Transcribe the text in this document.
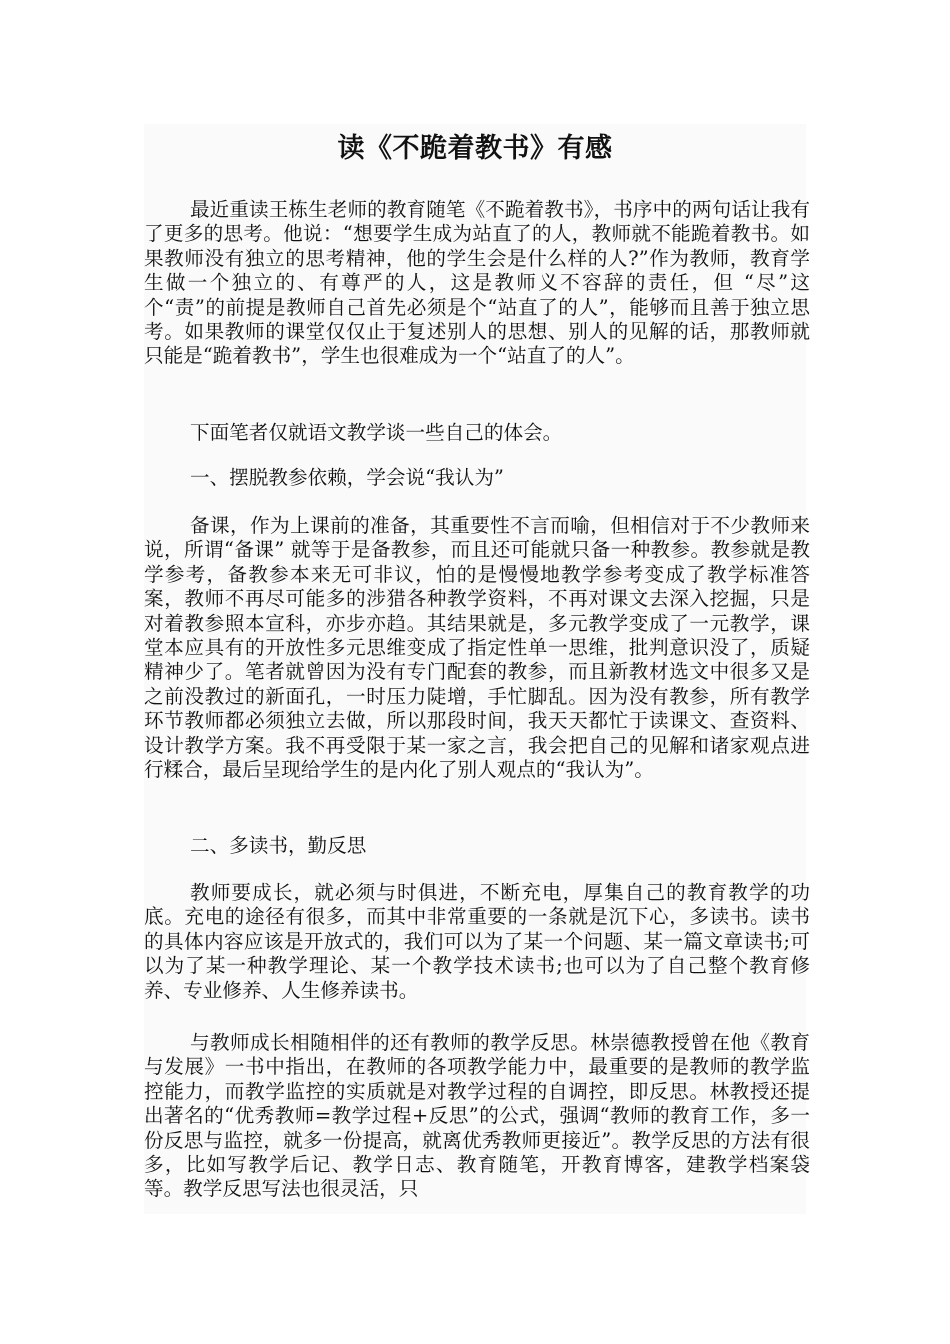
读《不跪着教书》有感

最近重读王栋生老师的教育随笔《不跪着教书》，书序中的两句话让我有了更多的思考。他说：“想要学生成为站直了的人，教师就不能跪着教书。如果教师没有独立的思考精神，他的学生会是什么样的人?”作为教师，教育学生做一个独立的、有尊严的人，这是教师义不容辞的责任，但 “尽”这个“责”的前提是教师自己首先必须是个“站直了的人”，能够而且善于独立思考。如果教师的课堂仅仅止于复述别人的思想、别人的见解的话，那教师就只能是“跪着教书”，学生也很难成为一个“站直了的人”。

下面笔者仅就语文教学谈一些自己的体会。

一、摆脱教参依赖，学会说“我认为”

备课，作为上课前的准备，其重要性不言而喻，但相信对于不少教师来说，所谓“备课” 就等于是备教参，而且还可能就只备一种教参。教参就是教学参考，备教参本来无可非议，怕的是慢慢地教学参考变成了教学标准答案，教师不再尽可能多的涉猎各种教学资料，不再对课文去深入挖掘，只是对着教参照本宣科，亦步亦趋。其结果就是，多元教学变成了一元教学，课堂本应具有的开放性多元思维变成了指定性单一思维，批判意识没了，质疑精神少了。笔者就曾因为没有专门配套的教参，而且新教材选文中很多又是之前没教过的新面孔，一时压力陡增，手忙脚乱。因为没有教参，所有教学环节教师都必须独立去做，所以那段时间，我天天都忙于读课文、查资料、设计教学方案。我不再受限于某一家之言，我会把自己的见解和诸家观点进行糅合，最后呈现给学生的是内化了别人观点的“我认为”。

二、多读书，勤反思

教师要成长，就必须与时俱进，不断充电，厚集自己的教育教学的功底。充电的途径有很多，而其中非常重要的一条就是沉下心，多读书。读书的具体内容应该是开放式的，我们可以为了某一个问题、某一篇文章读书;可以为了某一种教学理论、某一个教学技术读书;也可以为了自己整个教育修养、专业修养、人生修养读书。

与教师成长相随相伴的还有教师的教学反思。林崇德教授曾在他《教育与发展》一书中指出，在教师的各项教学能力中，最重要的是教师的教学监控能力，而教学监控的实质就是对教学过程的自调控，即反思。林教授还提出著名的“优秀教师=教学过程+反思”的公式，强调“教师的教育工作，多一份反思与监控，就多一份提高，就离优秀教师更接近”。教学反思的方法有很多，比如写教学后记、教学日志、教育随笔，开教育博客，建教学档案袋等。教学反思写法也很灵活，只
